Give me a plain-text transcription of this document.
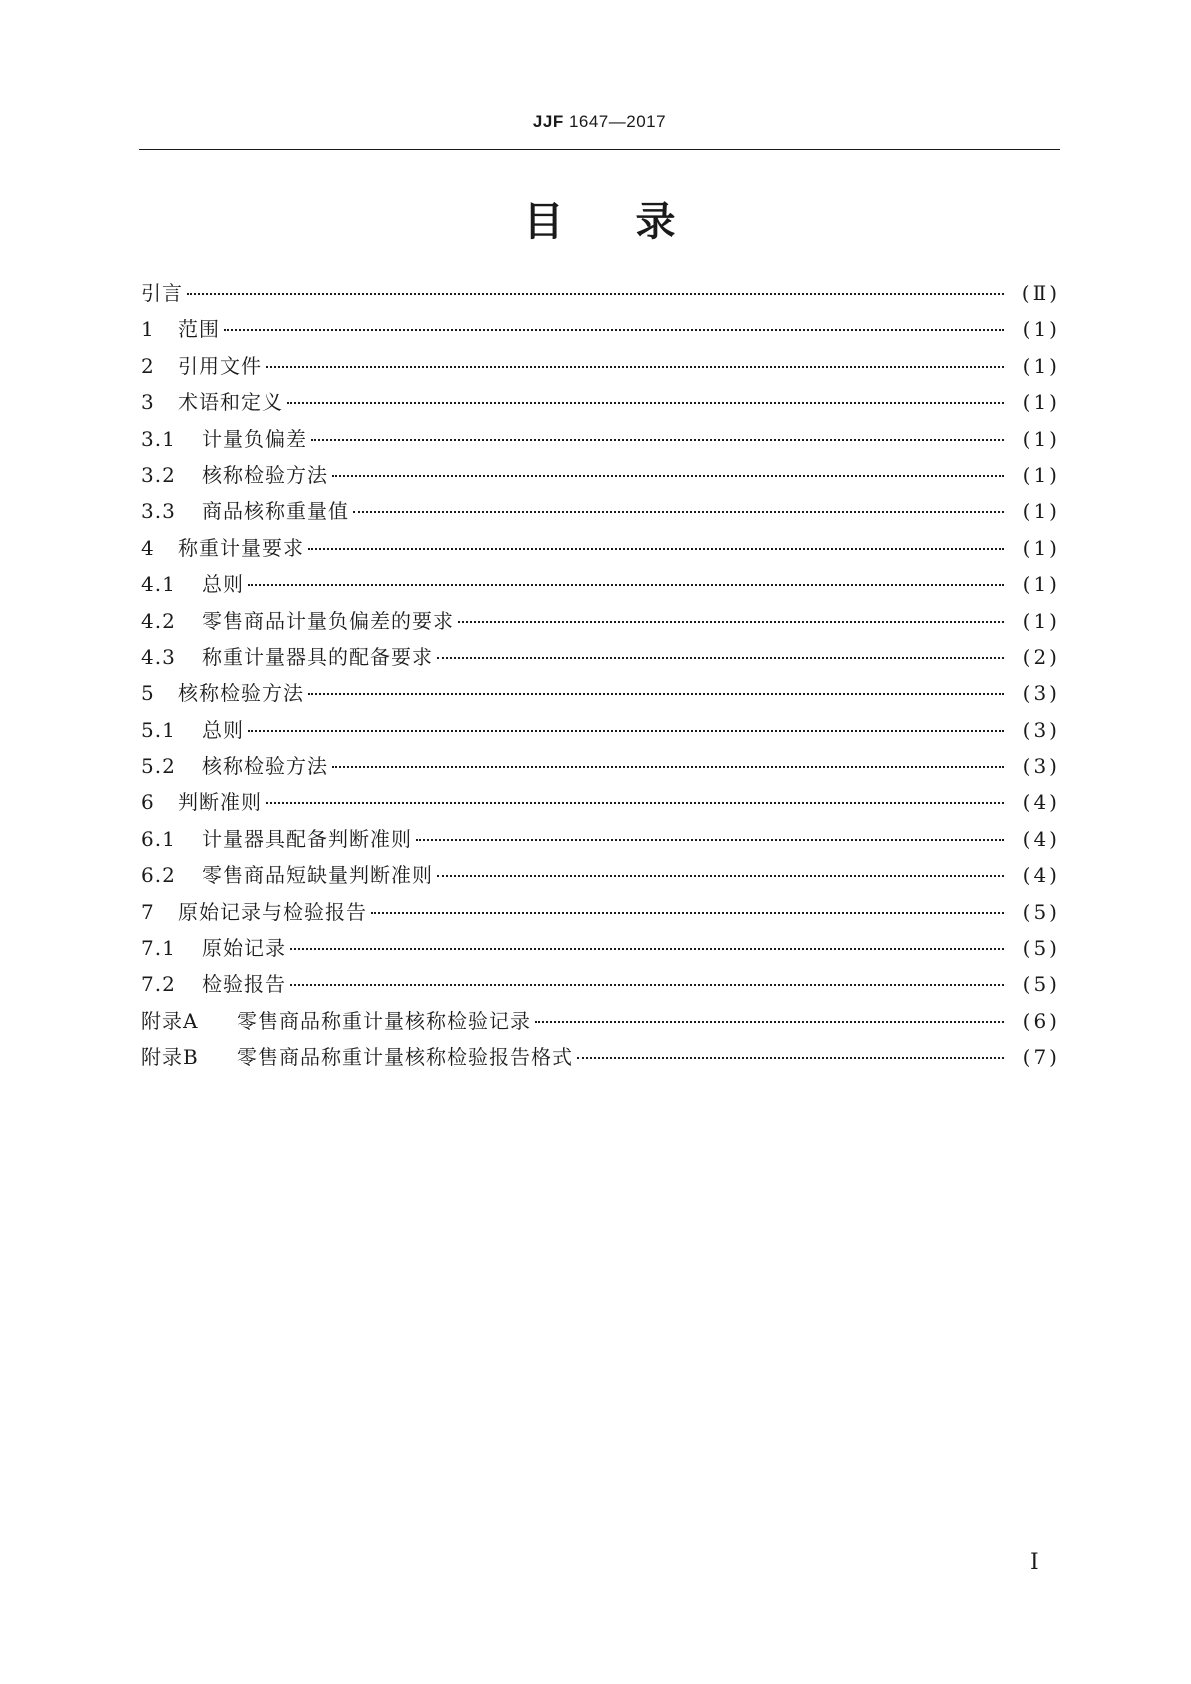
JJF 1647—2017
目录
引言	(Ⅱ)
1	范围	(1)
2	引用文件	(1)
3	术语和定义	(1)
3.1	计量负偏差	(1)
3.2	核称检验方法	(1)
3.3	商品核称重量值	(1)
4	称重计量要求	(1)
4.1	总则	(1)
4.2	零售商品计量负偏差的要求	(1)
4.3	称重计量器具的配备要求	(2)
5	核称检验方法	(3)
5.1	总则	(3)
5.2	核称检验方法	(3)
6	判断准则	(4)
6.1	计量器具配备判断准则	(4)
6.2	零售商品短缺量判断准则	(4)
7	原始记录与检验报告	(5)
7.1	原始记录	(5)
7.2	检验报告	(5)
附录A	零售商品称重计量核称检验记录	(6)
附录B	零售商品称重计量核称检验报告格式	(7)
Ⅰ
